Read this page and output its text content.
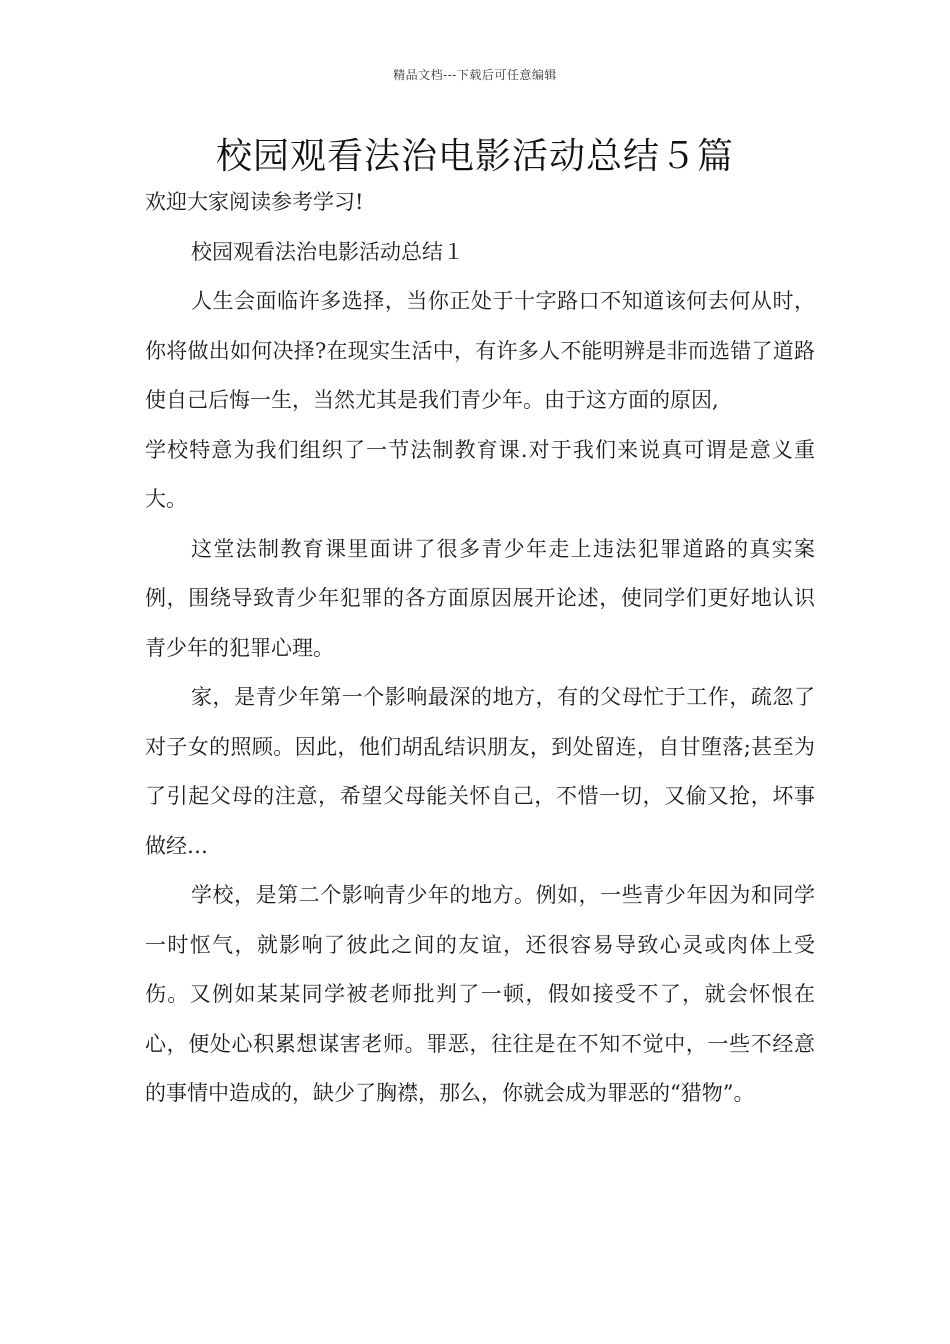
精品文档---下载后可任意编辑
校园观看法治电影活动总结５篇

欢迎大家阅读参考学习!

校园观看法治电影活动总结１

人生会面临许多选择，当你正处于十字路口不知道该何去何从时，你将做出如何决择?在现实生活中，有许多人不能明辨是非而选错了道路使自己后悔一生，当然尤其是我们青少年。由于这方面的原因,

学校特意为我们组织了一节法制教育课.对于我们来说真可谓是意义重大。

这堂法制教育课里面讲了很多青少年走上违法犯罪道路的真实案例，围绕导致青少年犯罪的各方面原因展开论述，使同学们更好地认识青少年的犯罪心理。

家，是青少年第一个影响最深的地方，有的父母忙于工作，疏忽了对子女的照顾。因此，他们胡乱结识朋友，到处留连，自甘堕落;甚至为了引起父母的注意，希望父母能关怀自己，不惜一切，又偷又抢，坏事做经…

学校，是第二个影响青少年的地方。例如，一些青少年因为和同学一时怄气，就影响了彼此之间的友谊，还很容易导致心灵或肉体上受伤。又例如某某同学被老师批判了一顿，假如接受不了，就会怀恨在心，便处心积累想谋害老师。罪恶，往往是在不知不觉中，一些不经意的事情中造成的，缺少了胸襟，那么，你就会成为罪恶的“猎物”。
